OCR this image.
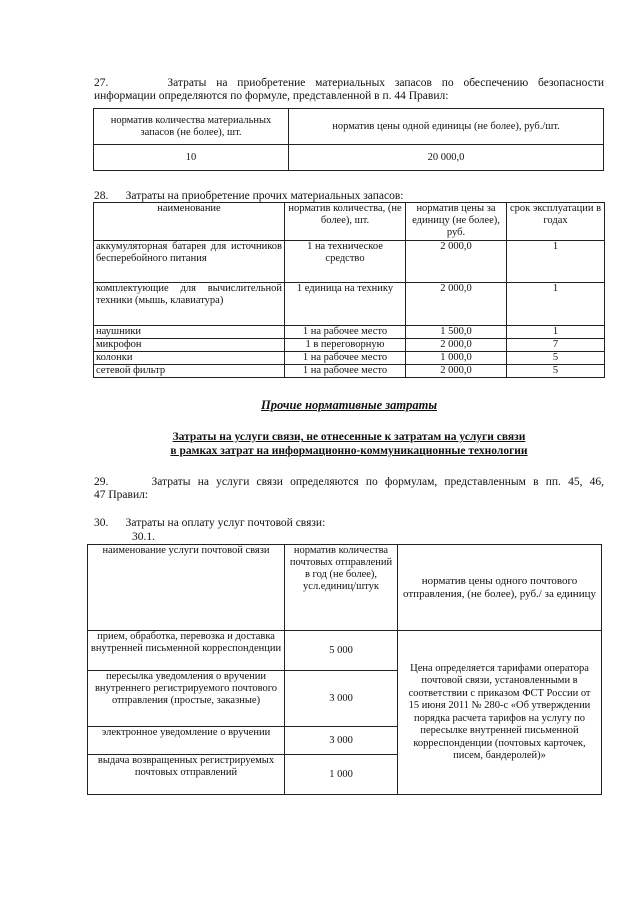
27.	Затраты на приобретение материальных запасов по обеспечению безопасности
информации определяются по формуле, представленной в п. 44 Правил:
норматив количества материальных запасов (не более), шт.	норматив цены одной единицы (не более), руб./шт.
10	20 000,0
28. Затраты на приобретение прочих материальных запасов:
наименование	норматив количества, (не более), шт.	норматив цены за единицу (не более), руб.	срок эксплуатации в годах
аккумуляторная батарея для источников бесперебойного питания	1 на техническое средство	2 000,0	1
комплектующие для вычислительной техники (мышь, клавиатура)	1 единица на технику	2 000,0	1
наушники	1 на рабочее место	1 500,0	1
микрофон	1 в переговорную	2 000,0	7
колонки	1 на рабочее место	1 000,0	5
сетевой фильтр	1 на рабочее место	2 000,0	5
Прочие нормативные затраты
Затраты на услуги связи, не отнесенные к затратам на услуги связи
в рамках затрат на информационно-коммуникационные технологии
29.	Затраты на услуги связи определяются по формулам, представленным в пп. 45, 46,
47 Правил:
30. Затраты на оплату услуг почтовой связи:
30.1.
наименование услуги почтовой связи	норматив количества почтовых отправлений в год (не более), усл.единиц/штук	норматив цены одного почтового отправления, (не более), руб./ за единицу
прием, обработка, перевозка и доставка внутренней письменной корреспонденции	5 000	Цена определяется тарифами оператора почтовой связи, установленными в соответствии с приказом ФСТ России от 15 июня 2011 № 280-с «Об утверждении порядка расчета тарифов на услугу по пересылке внутренней письменной корреспонденции (почтовых карточек, писем, бандеролей)»
пересылка уведомления о вручении внутреннего регистрируемого почтового отправления (простые, заказные)	3 000	
электронное уведомление о вручении	3 000	
выдача возвращенных регистрируемых почтовых отправлений	1 000	
